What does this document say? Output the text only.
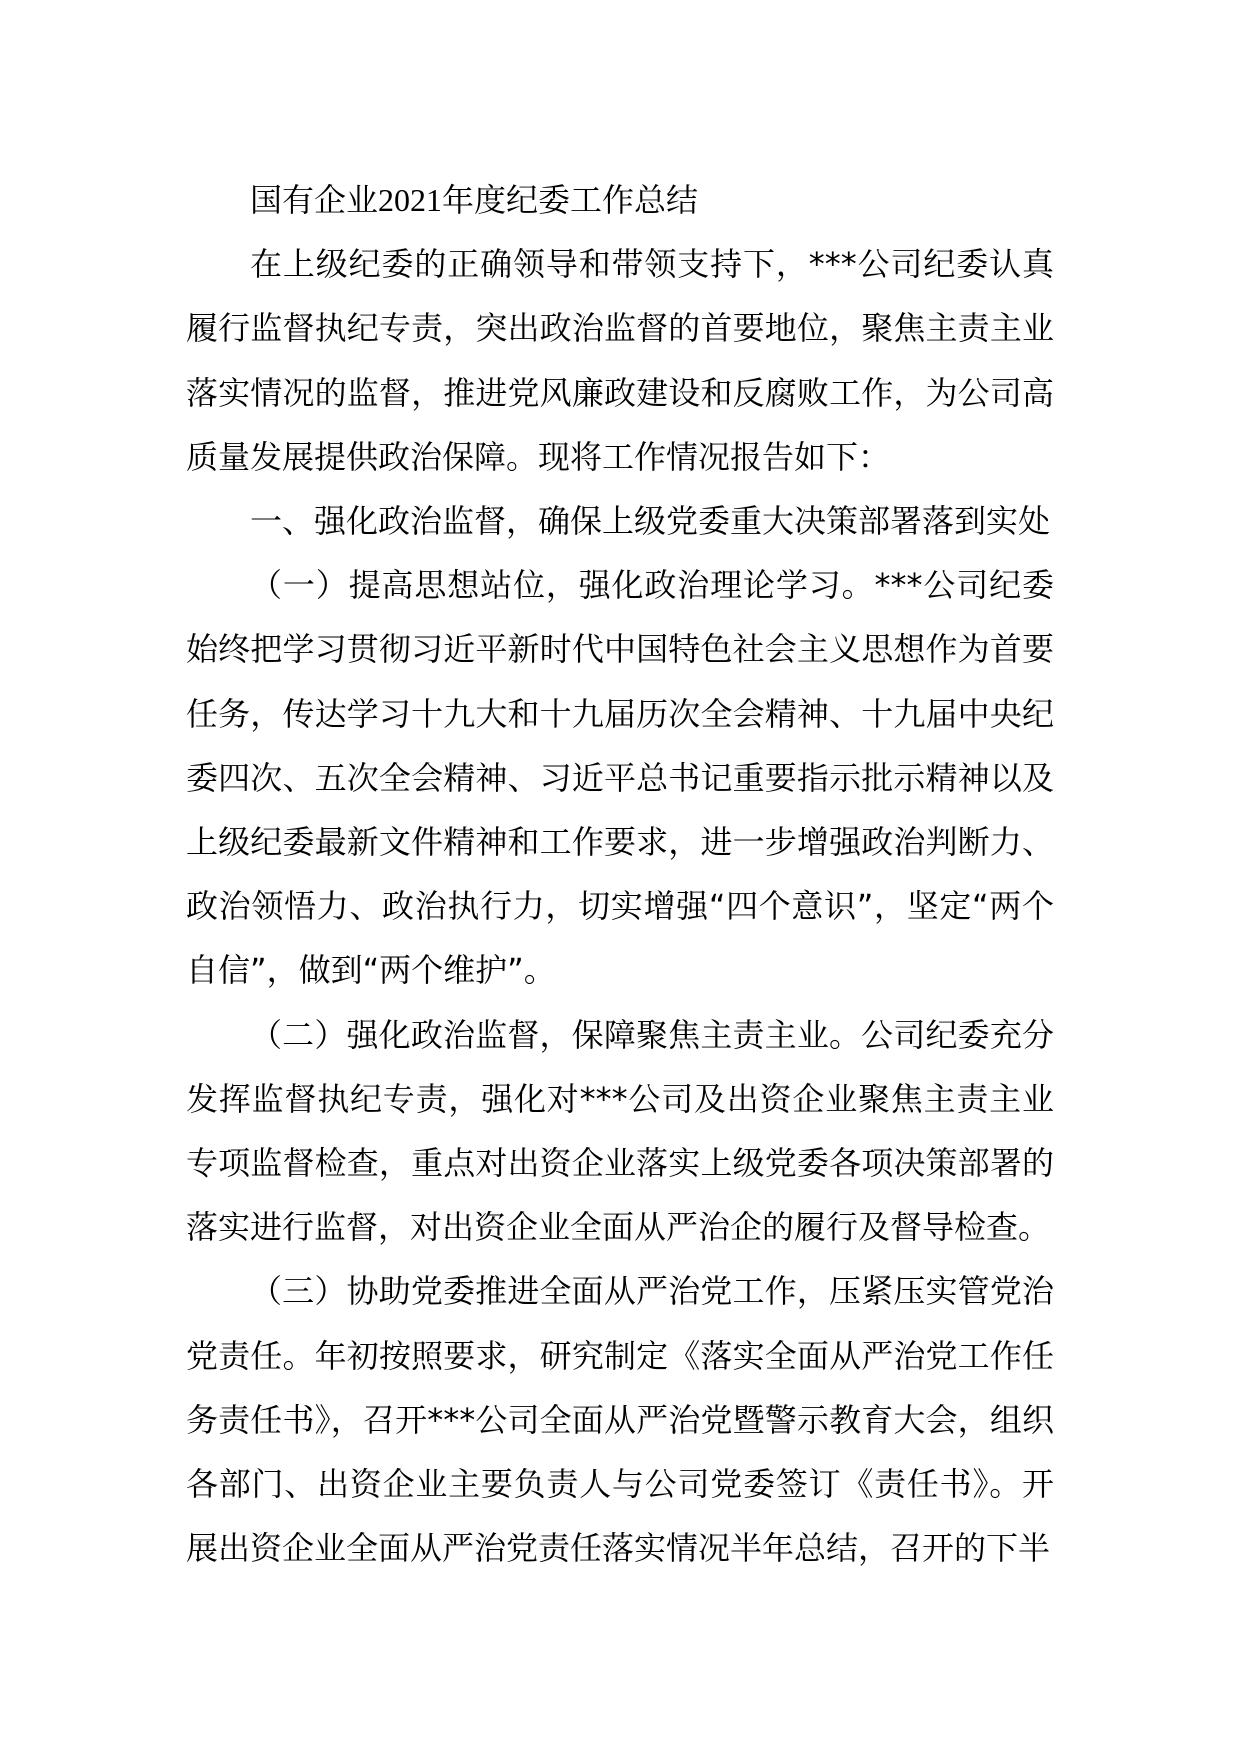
国有企业2021年度纪委工作总结

在上级纪委的正确领导和带领支持下，***公司纪委认真履行监督执纪专责，突出政治监督的首要地位，聚焦主责主业落实情况的监督，推进党风廉政建设和反腐败工作，为公司高质量发展提供政治保障。现将工作情况报告如下：

一、强化政治监督，确保上级党委重大决策部署落到实处

（一）提高思想站位，强化政治理论学习。***公司纪委始终把学习贯彻习近平新时代中国特色社会主义思想作为首要任务，传达学习十九大和十九届历次全会精神、十九届中央纪委四次、五次全会精神、习近平总书记重要指示批示精神以及上级纪委最新文件精神和工作要求，进一步增强政治判断力、政治领悟力、政治执行力，切实增强“四个意识”，坚定“两个自信”，做到“两个维护”。

（二）强化政治监督，保障聚焦主责主业。公司纪委充分发挥监督执纪专责，强化对***公司及出资企业聚焦主责主业专项监督检查，重点对出资企业落实上级党委各项决策部署的落实进行监督，对出资企业全面从严治企的履行及督导检查。

（三）协助党委推进全面从严治党工作，压紧压实管党治党责任。年初按照要求，研究制定《落实全面从严治党工作任务责任书》，召开***公司全面从严治党暨警示教育大会，组织各部门、出资企业主要负责人与公司党委签订《责任书》。开展出资企业全面从严治党责任落实情况半年总结，召开的下半
